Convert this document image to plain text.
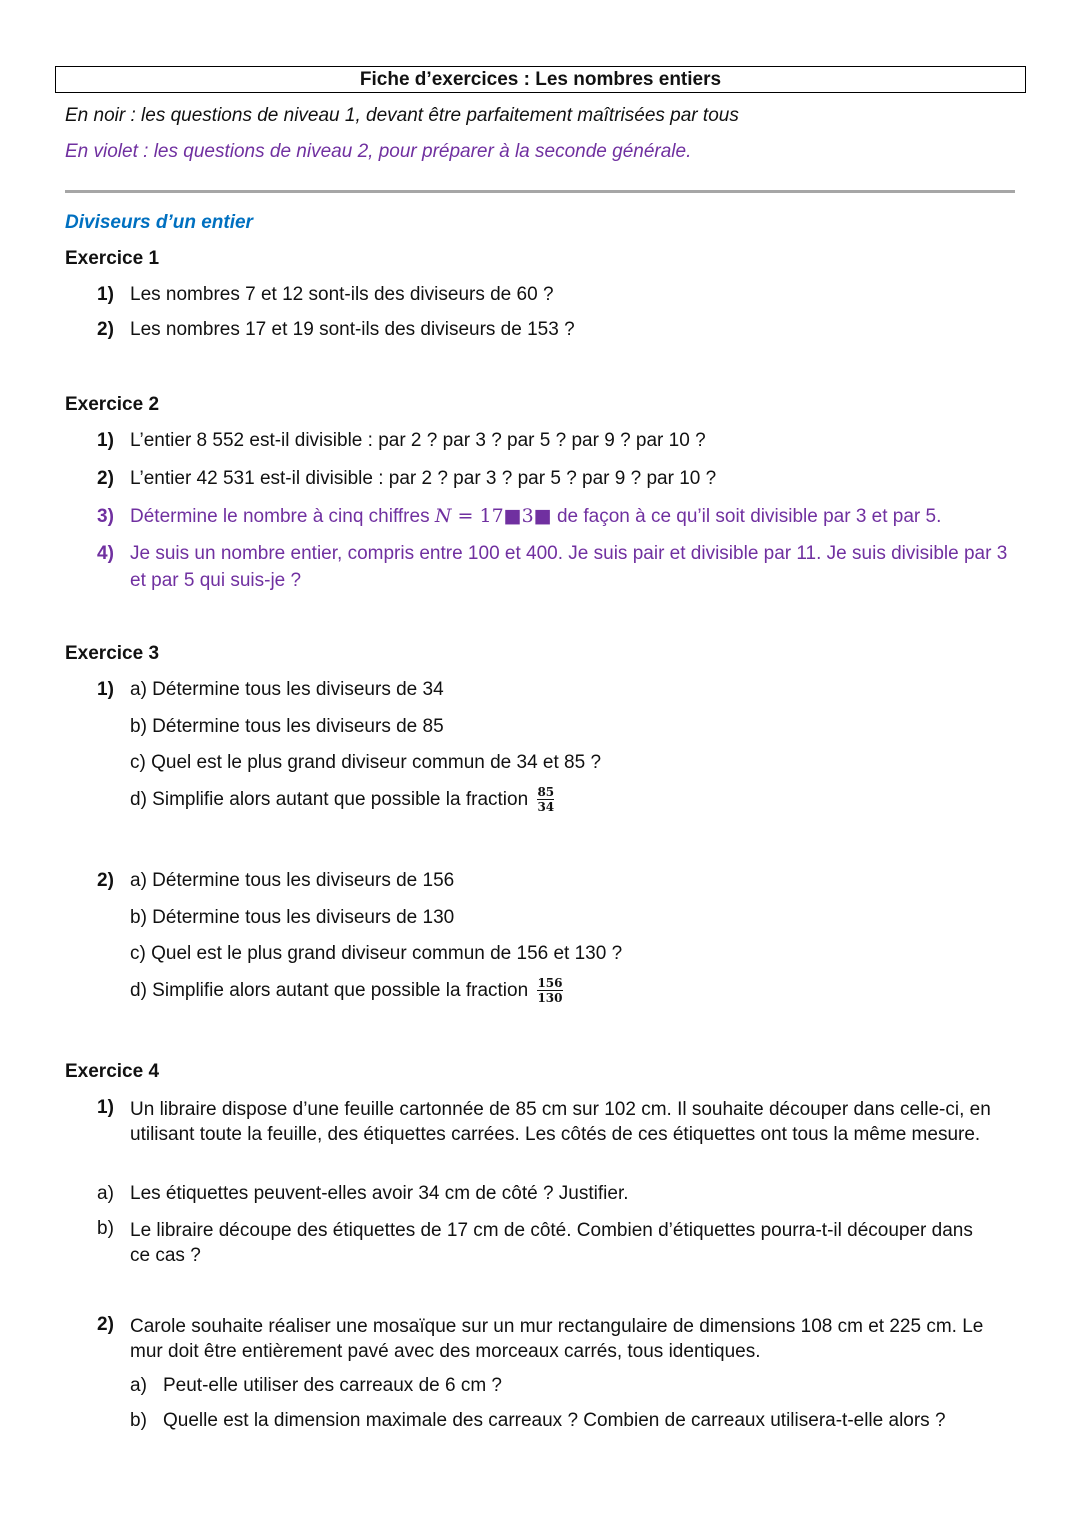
Fiche d’exercices : Les nombres entiers
En noir : les questions de niveau 1, devant être parfaitement maîtrisées par tous
En violet : les questions de niveau 2, pour préparer à la seconde générale.
Diviseurs d’un entier
Exercice 1
1) Les nombres 7 et 12 sont-ils des diviseurs de 60 ?
2) Les nombres 17 et 19 sont-ils des diviseurs de 153 ?
Exercice 2
1) L’entier 8 552 est-il divisible : par 2 ? par 3 ? par 5 ? par 9 ? par 10 ?
2) L’entier 42 531 est-il divisible : par 2 ? par 3 ? par 5 ? par 9 ? par 10 ?
3) Détermine le nombre à cinq chiffres N = 17■3■ de façon à ce qu’il soit divisible par 3 et par 5.
4) Je suis un nombre entier, compris entre 100 et 400. Je suis pair et divisible par 11. Je suis divisible par 3 et par 5 qui suis-je ?
Exercice 3
1) a) Détermine tous les diviseurs de 34
b) Détermine tous les diviseurs de 85
c) Quel est le plus grand diviseur commun de 34 et 85 ?
d) Simplifie alors autant que possible la fraction $\frac{85}{34}$
2) a) Détermine tous les diviseurs de 156
b) Détermine tous les diviseurs de 130
c) Quel est le plus grand diviseur commun de 156 et 130 ?
d) Simplifie alors autant que possible la fraction $\frac{156}{130}$
Exercice 4
1) Un libraire dispose d’une feuille cartonnée de 85 cm sur 102 cm. Il souhaite découper dans celle-ci, en utilisant toute la feuille, des étiquettes carrées. Les côtés de ces étiquettes ont tous la même mesure.
a) Les étiquettes peuvent-elles avoir 34 cm de côté ? Justifier.
b) Le libraire découpe des étiquettes de 17 cm de côté. Combien d’étiquettes pourra-t-il découper dans ce cas ?
2) Carole souhaite réaliser une mosaïque sur un mur rectangulaire de dimensions 108 cm et 225 cm. Le mur doit être entièrement pavé avec des morceaux carrés, tous identiques.
a) Peut-elle utiliser des carreaux de 6 cm ?
b) Quelle est la dimension maximale des carreaux ? Combien de carreaux utilisera-t-elle alors ?
